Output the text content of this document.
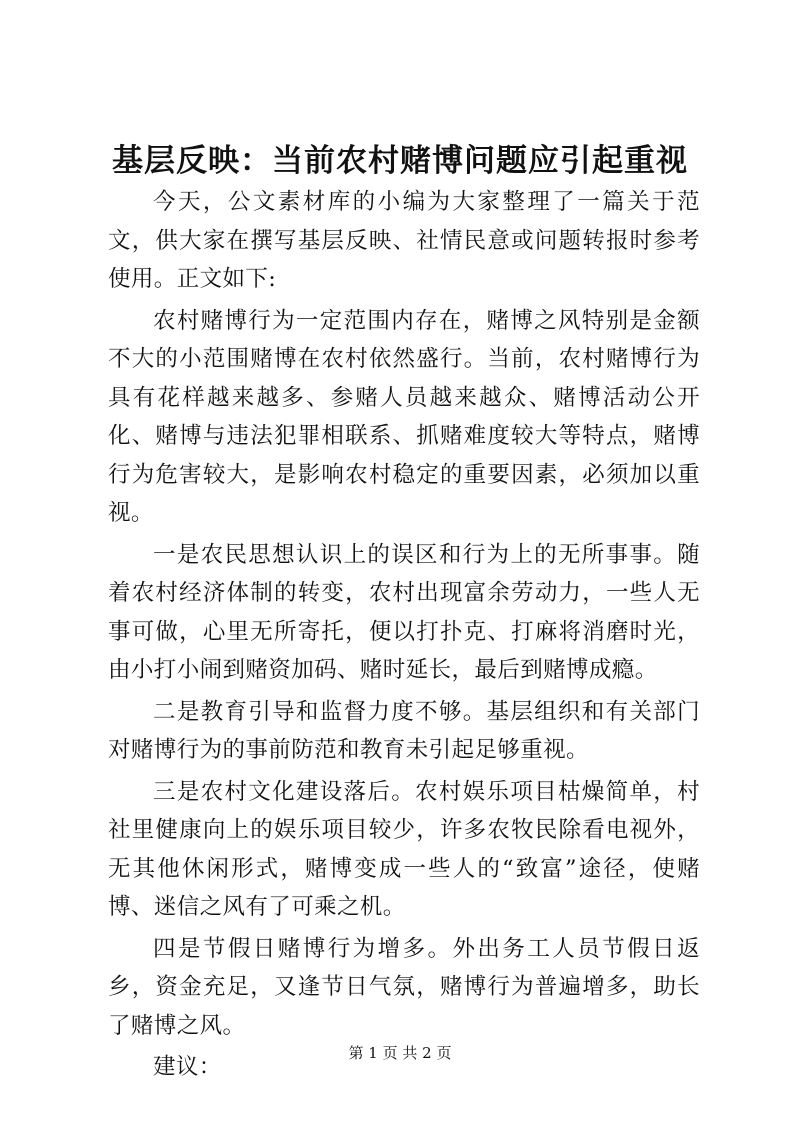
基层反映：当前农村赌博问题应引起重视

今天，公文素材库的小编为大家整理了一篇关于范文，供大家在撰写基层反映、社情民意或问题转报时参考使用。正文如下:

农村赌博行为一定范围内存在，赌博之风特别是金额不大的小范围赌博在农村依然盛行。当前，农村赌博行为具有花样越来越多、参赌人员越来越众、赌博活动公开化、赌博与违法犯罪相联系、抓赌难度较大等特点，赌博行为危害较大，是影响农村稳定的重要因素，必须加以重视。

一是农民思想认识上的误区和行为上的无所事事。随着农村经济体制的转变，农村出现富余劳动力，一些人无事可做，心里无所寄托，便以打扑克、打麻将消磨时光，由小打小闹到赌资加码、赌时延长，最后到赌博成瘾。

二是教育引导和监督力度不够。基层组织和有关部门对赌博行为的事前防范和教育未引起足够重视。

三是农村文化建设落后。农村娱乐项目枯燥简单，村社里健康向上的娱乐项目较少，许多农牧民除看电视外，无其他休闲形式，赌博变成一些人的“致富”途径，使赌博、迷信之风有了可乘之机。

四是节假日赌博行为增多。外出务工人员节假日返乡，资金充足，又逢节日气氛，赌博行为普遍增多，助长了赌博之风。

建议：

第 1 页 共 2 页
